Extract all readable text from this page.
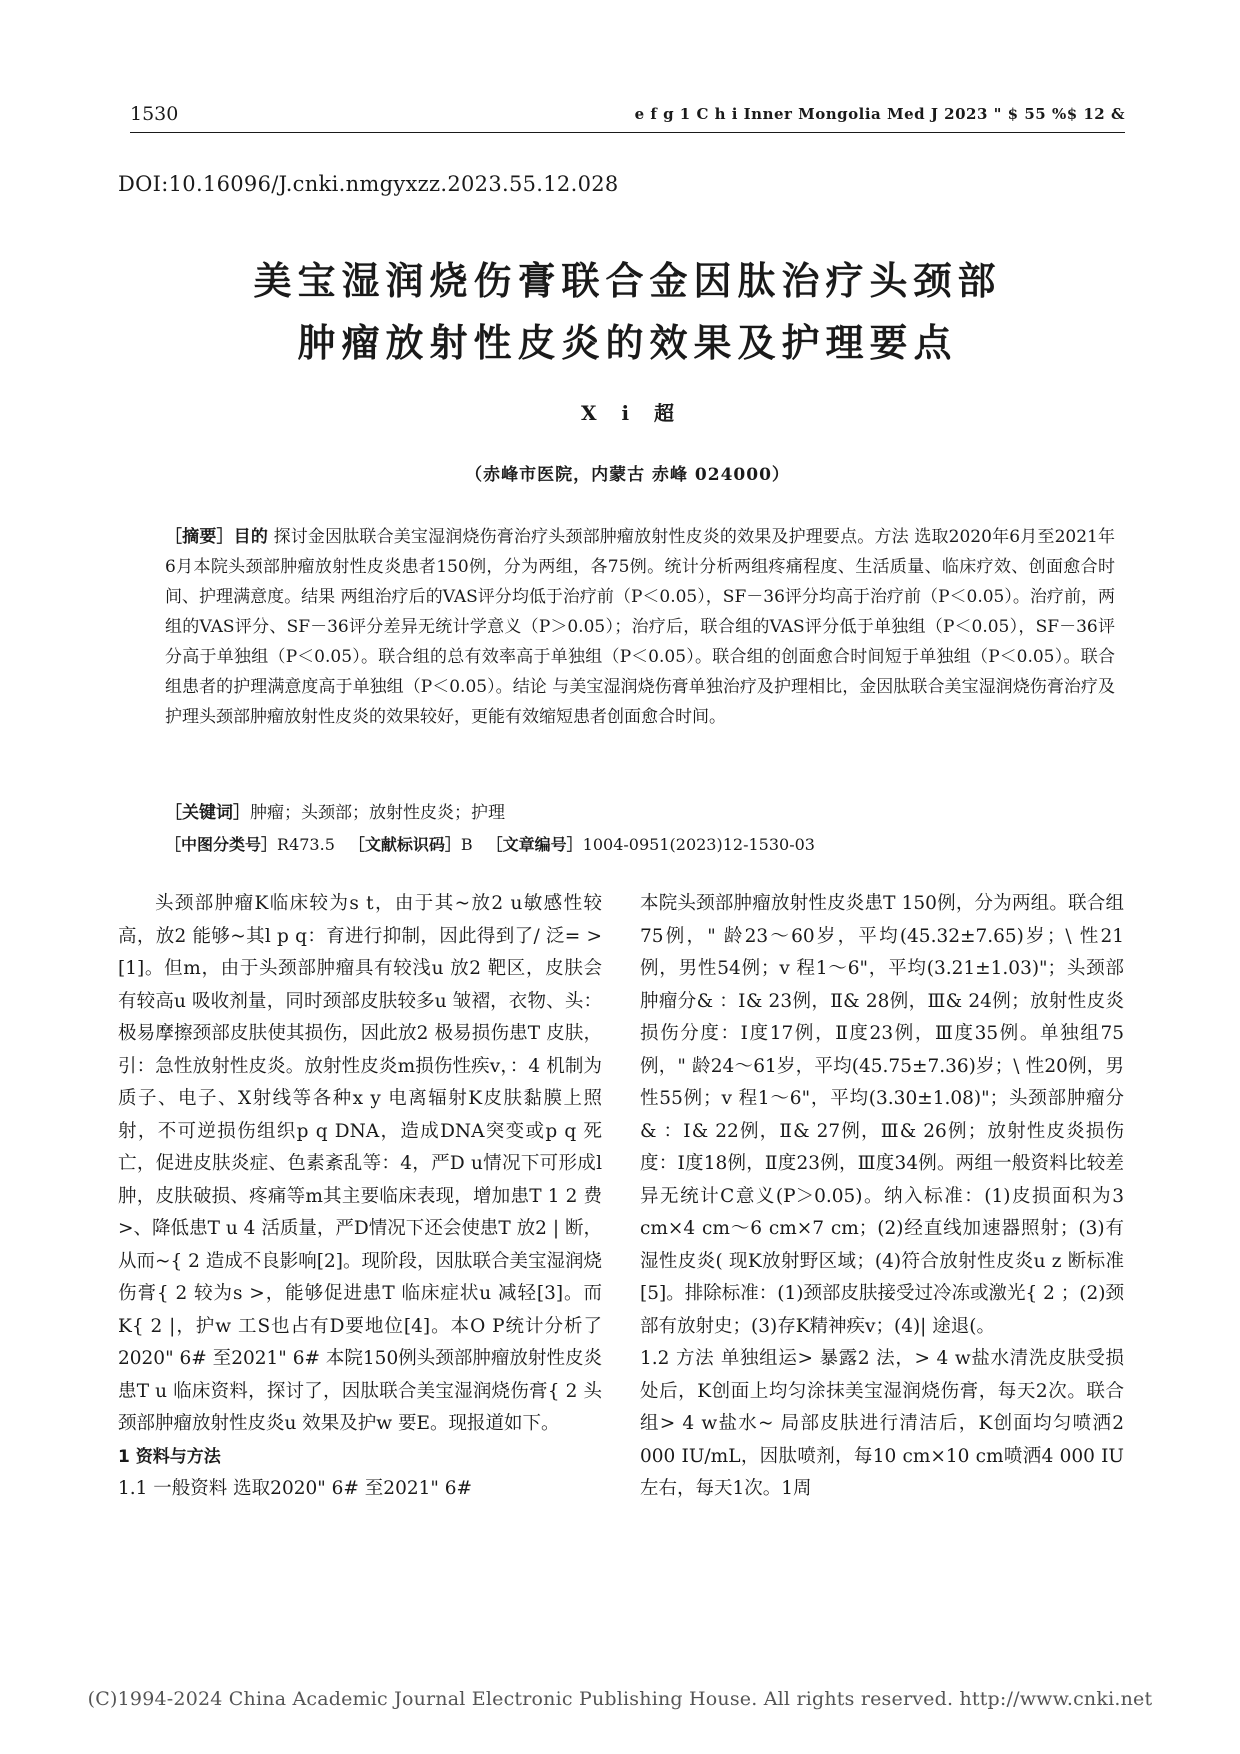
1530	e f g 1 C h i Inner Mongolia Med J 2023 " $ 55 %$ 12 &
DOI:10.16096/J.cnki.nmgyxzz.2023.55.12.028
美宝湿润烧伤膏联合金因肽治疗头颈部
肿瘤放射性皮炎的效果及护理要点
X i 超
（赤峰市医院，内蒙古 赤峰 024000）
［摘要］目的 探讨金因肽联合美宝湿润烧伤膏治疗头颈部肿瘤放射性皮炎的效果及护理要点。方法 选取2020年6月至2021年6月本院头颈部肿瘤放射性皮炎患者150例，分为两组，各75例。统计分析两组疼痛程度、生活质量、临床疗效、创面愈合时间、护理满意度。结果 两组治疗后的VAS评分均低于治疗前（P＜0.05），SF－36评分均高于治疗前（P＜0.05）。治疗前，两组的VAS评分、SF－36评分差异无统计学意义（P＞0.05）；治疗后，联合组的VAS评分低于单独组（P＜0.05），SF－36评分高于单独组（P＜0.05）。联合组的总有效率高于单独组（P＜0.05）。联合组的创面愈合时间短于单独组（P＜0.05）。联合组患者的护理满意度高于单独组（P＜0.05）。结论 与美宝湿润烧伤膏单独治疗及护理相比，金因肽联合美宝湿润烧伤膏治疗及护理头颈部肿瘤放射性皮炎的效果较好，更能有效缩短患者创面愈合时间。
［关键词］肿瘤；头颈部；放射性皮炎；护理
［中图分类号］R473.5 ［文献标识码］B ［文章编号］1004-0951(2023)12-1530-03

头颈部肿瘤K临床较为s t，由于其~放2 u敏感性较高，放2 能够~其l p q：育进行抑制，因此得到了/ 泛= >[1]。但m，由于头颈部肿瘤具有较浅u 放2 靶区，皮肤会有较高u 吸收剂量，同时颈部皮肤较多u 皱褶，衣物、头：极易摩擦颈部皮肤使其损伤，因此放2 极易损伤患T 皮肤，引：急性放射性皮炎。放射性皮炎m损伤性疾v，：4 机制为质子、电子、X射线等各种x y 电离辐射K皮肤黏膜上照射，不可逆损伤组织p q DNA，造成DNA突变或p q 死亡，促进皮肤炎症、色素紊乱等：4，严D u情况下可形成l 肿，皮肤破损、疼痛等m其主要临床表现，增加患T 1 2 费>、降低患T u 4 活质量，严D情况下还会使患T 放2 | 断，从而~{ 2 造成不良影响[2]。现阶段，因肽联合美宝湿润烧伤膏{ 2 较为s >，能够促进患T 临床症状u 减轻[3]。而K{ 2 |，护w 工S也占有D要地位[4]。本O P统计分析了2020" 6# 至2021" 6# 本院150例头颈部肿瘤放射性皮炎患T u 临床资料，探讨了，因肽联合美宝湿润烧伤膏{ 2 头颈部肿瘤放射性皮炎u 效果及护w 要E。现报道如下。

1 资料与方法

1.1 一般资料 选取2020" 6# 至2021" 6#

本院头颈部肿瘤放射性皮炎患T 150例，分为两组。联合组75例，" 龄23～60岁，平均(45.32±7.65)岁；\ 性21例，男性54例；v 程1～6"，平均(3.21±1.03)"；头颈部肿瘤分& ：Ⅰ& 23例，Ⅱ& 28例，Ⅲ& 24例；放射性皮炎损伤分度：Ⅰ度17例，Ⅱ度23例，Ⅲ度35例。单独组75例，" 龄24～61岁，平均(45.75±7.36)岁；\ 性20例，男性55例；v 程1～6"，平均(3.30±1.08)"；头颈部肿瘤分& ：Ⅰ& 22例，Ⅱ& 27例，Ⅲ& 26例；放射性皮炎损伤度：Ⅰ度18例，Ⅱ度23例，Ⅲ度34例。两组一般资料比较差异无统计C意义(P＞0.05)。纳入标准：(1)皮损面积为3 cm×4 cm～6 cm×7 cm；(2)经直线加速器照射；(3)有湿性皮炎( 现K放射野区域；(4)符合放射性皮炎u z 断标准[5]。排除标准：(1)颈部皮肤接受过冷冻或激光{ 2 ；(2)颈部有放射史；(3)存K精神疾v；(4)| 途退(。

1.2 方法 单独组运> 暴露2 法，> 4 w盐水清洗皮肤受损处后，K创面上均匀涂抹美宝湿润烧伤膏，每天2次。联合组> 4 w盐水~ 局部皮肤进行清洁后，K创面均匀喷洒2 000 IU/mL，因肽喷剂，每10 cm×10 cm喷洒4 000 IU左右，每天1次。1周

(C)1994-2024 China Academic Journal Electronic Publishing House. All rights reserved. http://www.cnki.net
